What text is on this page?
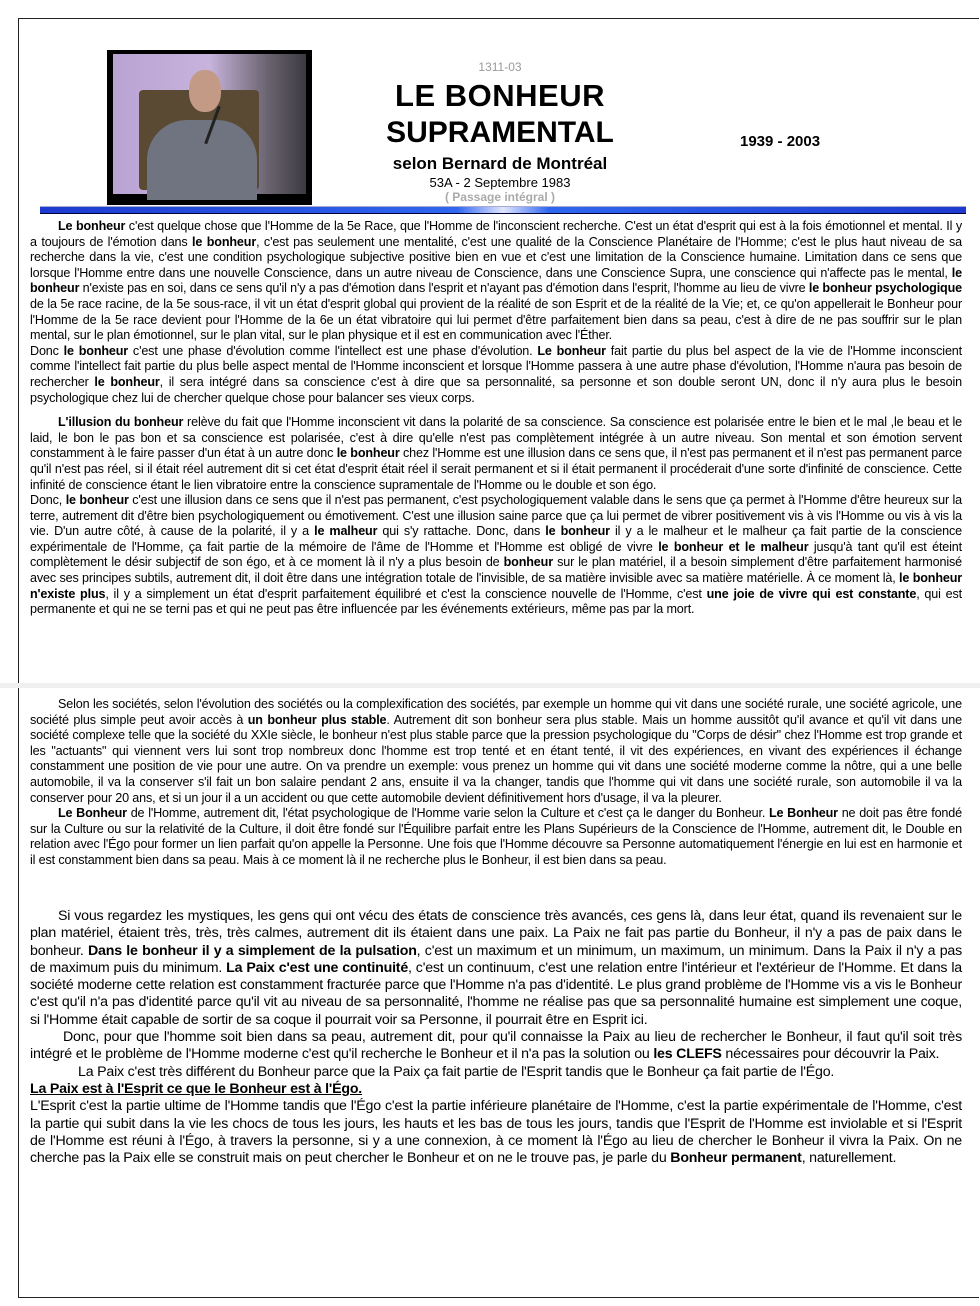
1311-03
LE BONHEUR
SUPRAMENTAL
selon Bernard de Montréal
53A - 2 Septembre 1983
( Passage intégral )
1939 - 2003

Le bonheur c'est quelque chose que l'Homme de la 5e Race, que l'Homme de l'inconscient recherche. C'est un état d'esprit qui est à la fois émotionnel et mental. Il y a toujours de l'émotion dans le bonheur, c'est pas seulement une mentalité, c'est une qualité de la Conscience Planétaire de l'Homme; c'est le plus haut niveau de sa recherche dans la vie, c'est une condition psychologique subjective positive bien en vue et c'est une limitation de la Conscience humaine. Limitation dans ce sens que lorsque l'Homme entre dans une nouvelle Conscience, dans un autre niveau de Conscience, dans une Conscience Supra, une conscience qui n'affecte pas le mental, le bonheur n'existe pas en soi, dans ce sens qu'il n'y a pas d'émotion dans l'esprit et n'ayant pas d'émotion dans l'esprit, l'homme au lieu de vivre le bonheur psychologique de la 5e race racine, de la 5e sous-race, il vit un état d'esprit global qui provient de la réalité de son Esprit et de la réalité de la Vie; et, ce qu'on appellerait le Bonheur pour l'Homme de la 5e race devient pour l'Homme de la 6e un état vibratoire qui lui permet d'être parfaitement bien dans sa peau, c'est à dire de ne pas souffrir sur le plan mental, sur le plan émotionnel, sur le plan vital, sur le plan physique et il est en communication avec l'Éther.

Donc le bonheur c'est une phase d'évolution comme l'intellect est une phase d'évolution. Le bonheur fait partie du plus bel aspect de la vie de l'Homme inconscient comme l'intellect fait partie du plus belle aspect mental de l'Homme inconscient et lorsque l'Homme passera à une autre phase d'évolution, l'Homme n'aura pas besoin de rechercher le bonheur, il sera intégré dans sa conscience c'est à dire que sa personnalité, sa personne et son double seront UN, donc il n'y aura plus le besoin psychologique chez lui de chercher quelque chose pour balancer ses vieux corps.

L'illusion du bonheur relève du fait que l'Homme inconscient vit dans la polarité de sa conscience. Sa conscience est polarisée entre le bien et le mal ,le beau et le laid, le bon le pas bon et sa conscience est polarisée, c'est à dire qu'elle n'est pas complètement intégrée à un autre niveau. Son mental et son émotion servent constamment à le faire passer d'un état à un autre donc le bonheur chez l'Homme est une illusion dans ce sens que, il n'est pas permanent et il n'est pas permanent parce qu'il n'est pas réel, si il était réel autrement dit si cet état d'esprit était réel il serait permanent et si il était permanent il procéderait d'une sorte d'infinité de conscience. Cette infinité de conscience étant le lien vibratoire entre la conscience supramentale de l'Homme ou le double et son égo.

Donc, le bonheur c'est une illusion dans ce sens que il n'est pas permanent, c'est psychologiquement valable dans le sens que ça permet à l'Homme d'être heureux sur la terre, autrement dit d'être bien psychologiquement ou émotivement. C'est une illusion saine parce que ça lui permet de vibrer positivement vis à vis l'Homme ou vis à vis la vie. D'un autre côté, à cause de la polarité, il y a le malheur qui s'y rattache. Donc, dans le bonheur il y a le malheur et le malheur ça fait partie de la conscience expérimentale de l'Homme, ça fait partie de la mémoire de l'âme de l'Homme et l'Homme est obligé de vivre le bonheur et le malheur jusqu'à tant qu'il est éteint complètement le désir subjectif de son égo, et à ce moment là il n'y a plus besoin de bonheur sur le plan matériel, il a besoin simplement d'être parfaitement harmonisé avec ses principes subtils, autrement dit, il doit être dans une intégration totale de l'invisible, de sa matière invisible avec sa matière matérielle. À ce moment là, le bonheur n'existe plus, il y a simplement un état d'esprit parfaitement équilibré et c'est la conscience nouvelle de l'Homme, c'est une joie de vivre qui est constante, qui est permanente et qui ne se terni pas et qui ne peut pas être influencée par les événements extérieurs, même pas par la mort.

Selon les sociétés, selon l'évolution des sociétés ou la complexification des sociétés, par exemple un homme qui vit dans une société rurale, une société agricole, une société plus simple peut avoir accès à un bonheur plus stable. Autrement dit son bonheur sera plus stable. Mais un homme aussitôt qu'il avance et qu'il vit dans une société complexe telle que la société du XXIe siècle, le bonheur n'est plus stable parce que la pression psychologique du "Corps de désir" chez l'Homme est trop grande et les "actuants" qui viennent vers lui sont trop nombreux donc l'homme est trop tenté et en étant tenté, il vit des expériences, en vivant des expériences il échange constamment une position de vie pour une autre. On va prendre un exemple: vous prenez un homme qui vit dans une société moderne comme la nôtre, qui a une belle automobile, il va la conserver s'il fait un bon salaire pendant 2 ans, ensuite il va la changer, tandis que l'homme qui vit dans une société rurale, son automobile il va la conserver pour 20 ans, et si un jour il a un accident ou que cette automobile devient définitivement hors d'usage, il va la pleurer.

Le Bonheur de l'Homme, autrement dit, l'état psychologique de l'Homme varie selon la Culture et c'est ça le danger du Bonheur. Le Bonheur ne doit pas être fondé sur la Culture ou sur la relativité de la Culture, il doit être fondé sur l'Équilibre parfait entre les Plans Supérieurs de la Conscience de l'Homme, autrement dit, le Double en relation avec l'Égo pour former un lien parfait qu'on appelle la Personne. Une fois que l'Homme découvre sa Personne automatiquement l'énergie en lui est en harmonie et il est constamment bien dans sa peau. Mais à ce moment là il ne recherche plus le Bonheur, il est bien dans sa peau.

Si vous regardez les mystiques, les gens qui ont vécu des états de conscience très avancés, ces gens là, dans leur état, quand ils revenaient sur le plan matériel, étaient très, très, très calmes, autrement dit ils étaient dans une paix. La Paix ne fait pas partie du Bonheur, il n'y a pas de paix dans le bonheur. Dans le bonheur il y a simplement de la pulsation, c'est un maximum et un minimum, un maximum, un minimum. Dans la Paix il n'y a pas de maximum puis du minimum. La Paix c'est une continuité, c'est un continuum, c'est une relation entre l'intérieur et l'extérieur de l'Homme. Et dans la société moderne cette relation est constamment fracturée parce que l'Homme n'a pas d'identité. Le plus grand problème de l'Homme vis a vis le Bonheur c'est qu'il n'a pas d'identité parce qu'il vit au niveau de sa personnalité, l'homme ne réalise pas que sa personnalité humaine est simplement une coque, si l'Homme était capable de sortir de sa coque il pourrait voir sa Personne, il pourrait être en Esprit ici.

Donc, pour que l'homme soit bien dans sa peau, autrement dit, pour qu'il connaisse la Paix au lieu de rechercher le Bonheur, il faut qu'il soit très intégré et le problème de l'Homme moderne c'est qu'il recherche le Bonheur et il n'a pas la solution ou les CLEFS nécessaires pour découvrir la Paix.

La Paix c'est très différent du Bonheur parce que la Paix ça fait partie de l'Esprit tandis que le Bonheur ça fait partie de l'Égo.

La Paix est à l'Esprit ce que le Bonheur est à l'Égo.

L'Esprit c'est la partie ultime de l'Homme tandis que l'Égo c'est la partie inférieure planétaire de l'Homme, c'est la partie expérimentale de l'Homme, c'est la partie qui subit dans la vie les chocs de tous les jours, les hauts et les bas de tous les jours, tandis que l'Esprit de l'Homme est inviolable et si l'Esprit de l'Homme est réuni à l'Égo, à travers la personne, si y a une connexion, à ce moment là l'Égo au lieu de chercher le Bonheur il vivra la Paix. On ne cherche pas la Paix elle se construit mais on peut chercher le Bonheur et on ne le trouve pas, je parle du Bonheur permanent, naturellement.
